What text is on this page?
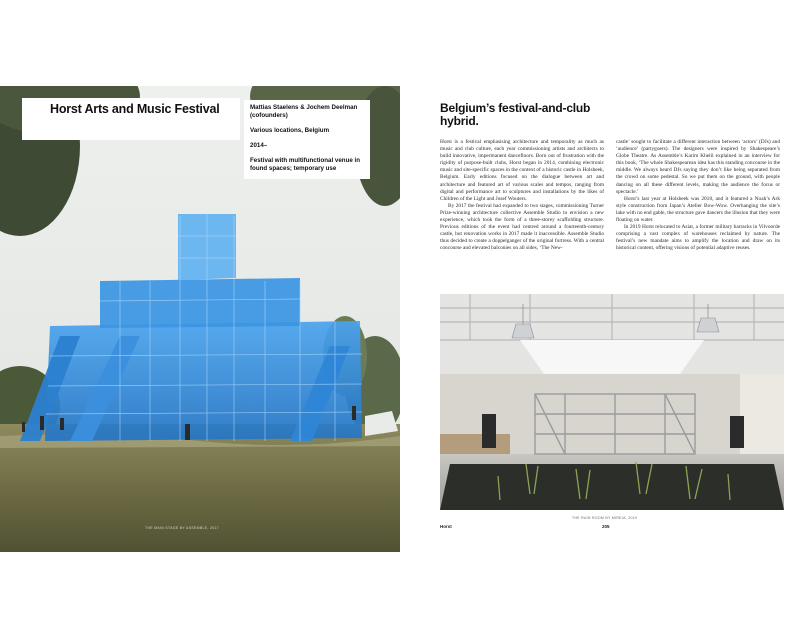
Horst Arts and Music Festival	Mattias Staelens & Jochem Deelman (cofounders)
Various locations, Belgium
2014–
Festival with multifunctional venue in found spaces; temporary use
THE MAIN STAGE BY ASSEMBLE, 2017
Belgium’s festival-and-club hybrid.

Horst is a festival emphasising architecture and temporality as much as music and club culture, each year commissioning artists and architects to build innovative, impermanent dancefloors. Born out of frustration with the rigidity of purpose-built clubs, Horst began in 2014, combining electronic music and site-specific spaces in the context of a historic castle in Holsbeek, Belgium. Early editions focused on the dialogue between art and architecture and featured art of various scales and tempos, ranging from digital and performance art to sculptures and installations by the likes of Children of the Light and Josef Wouters.

By 2017 the festival had expanded to two stages, commissioning Turner Prize-winning architecture collective Assemble Studio to envision a new experience, which took the form of a three-storey scaffolding structure. Previous editions of the event had centred around a fourteenth-century castle, but renovation works in 2017 made it inaccessible. Assemble Studio thus decided to create a doppelganger of the original fortress. With a central concourse and elevated balconies on all sides, ‘The New-

castle’ sought to facilitate a different interaction between ‘actors’ (DJs) and ‘audience’ (partygoers). The designers were inspired by Shakespeare’s Globe Theatre. As Assemble’s Karim Khelil explained in an interview for this book, ‘The whole Shakespearean idea has this standing concourse in the middle. We always heard DJs saying they don’t like being separated from the crowd on some pedestal. So we put them on the ground, with people dancing on all these different levels, making the audience the focus or spectacle.’

Horst’s last year at Holsbeek was 2018, and it featured a Noah’s Ark style construction from Japan’s Atelier Bow-Wow. Overhanging the site’s lake with no end gable, the structure gave dancers the illusion that they were floating on water.

In 2019 Horst relocated to Asiat, a former military barracks in Vilvoorde comprising a vast complex of warehouses reclaimed by nature. The festival’s new mandate aims to amplify the location and draw on its historical content, offering visions of potential adaptive reuses.

THE RAIN ROOM BY MIREIA, 2019
Horst	205
